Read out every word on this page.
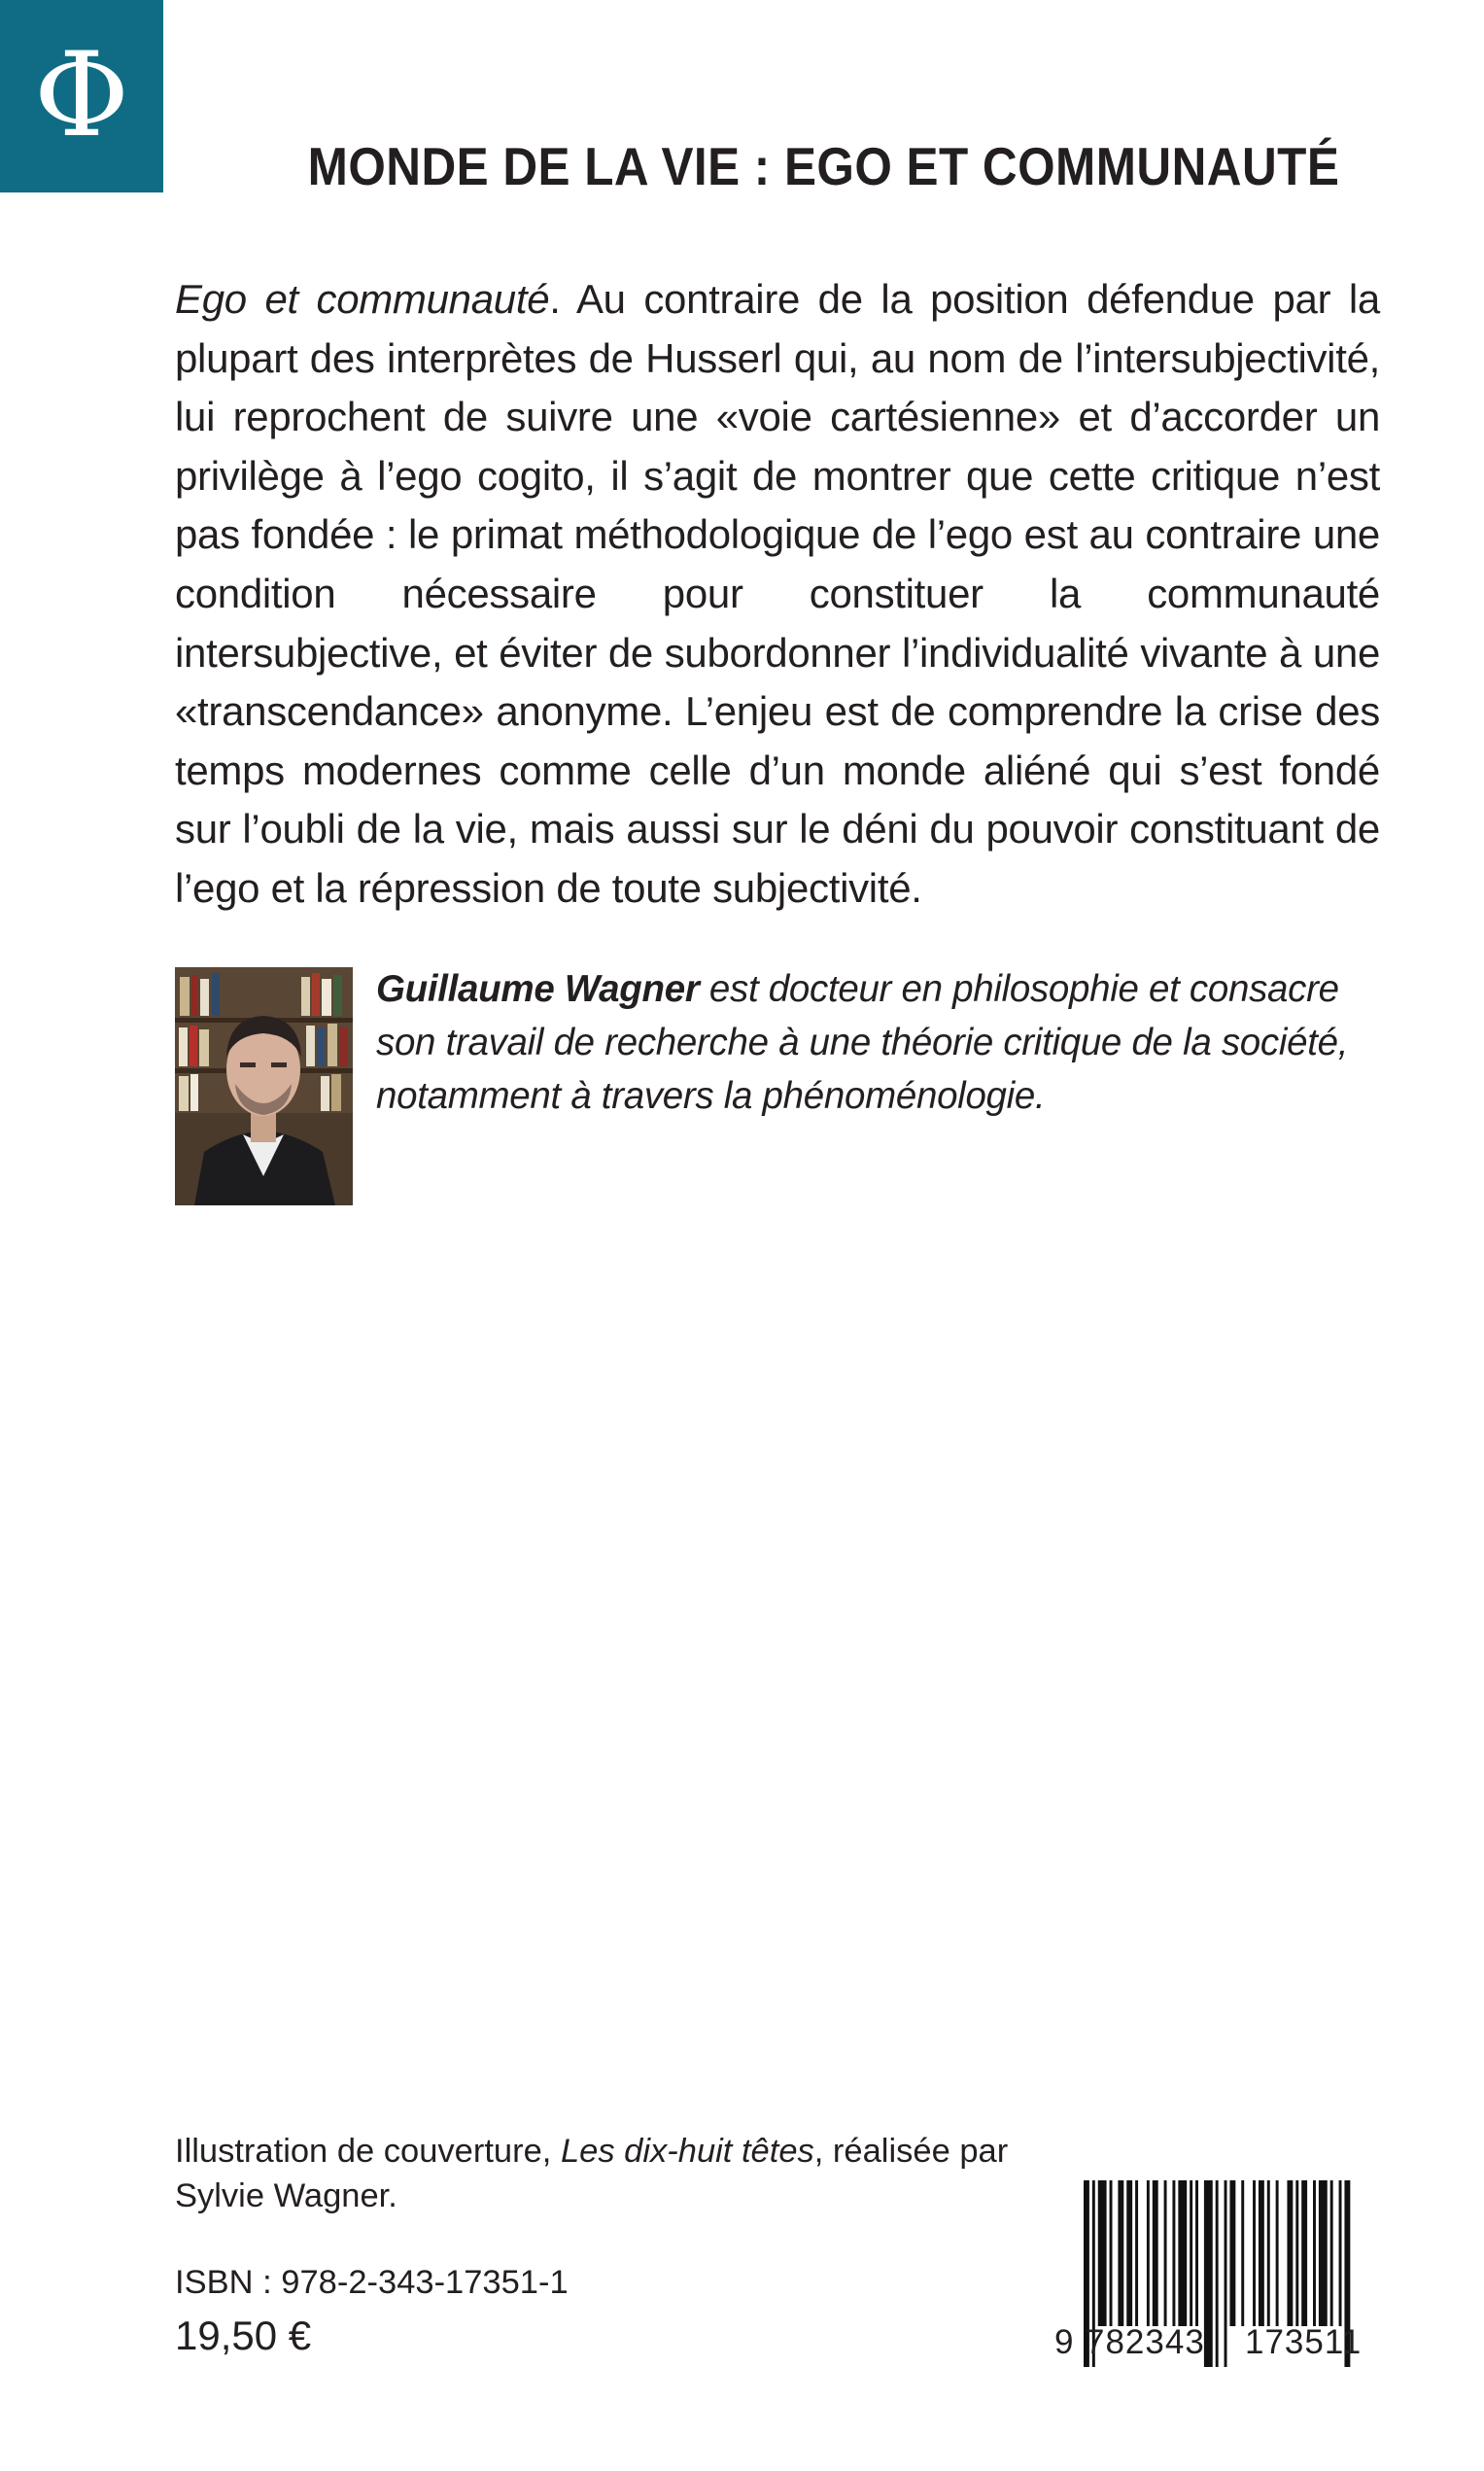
Φ
MONDE DE LA VIE : EGO ET COMMUNAUTÉ

Ego et communauté. Au contraire de la position défendue par la plupart des interprètes de Husserl qui, au nom de l’intersubjectivité, lui reprochent de suivre une «voie cartésienne» et d’accorder un privilège à l’ego cogito, il s’agit de montrer que cette critique n’est pas fondée : le primat méthodologique de l’ego est au contraire une condition nécessaire pour constituer la communauté intersubjective, et éviter de subordonner l’individualité vivante à une «transcendance» anonyme. L’enjeu est de comprendre la crise des temps modernes comme celle d’un monde aliéné qui s’est fondé sur l’oubli de la vie, mais aussi sur le déni du pouvoir constituant de l’ego et la répression de toute subjectivité.

Guillaume Wagner est docteur en philosophie et consacre son travail de recherche à une théorie critique de la société, notamment à travers la phénoménologie.

Illustration de couverture, Les dix-huit têtes, réalisée par Sylvie Wagner.

ISBN : 978-2-343-17351-1

19,50 €	9 782343 173511
